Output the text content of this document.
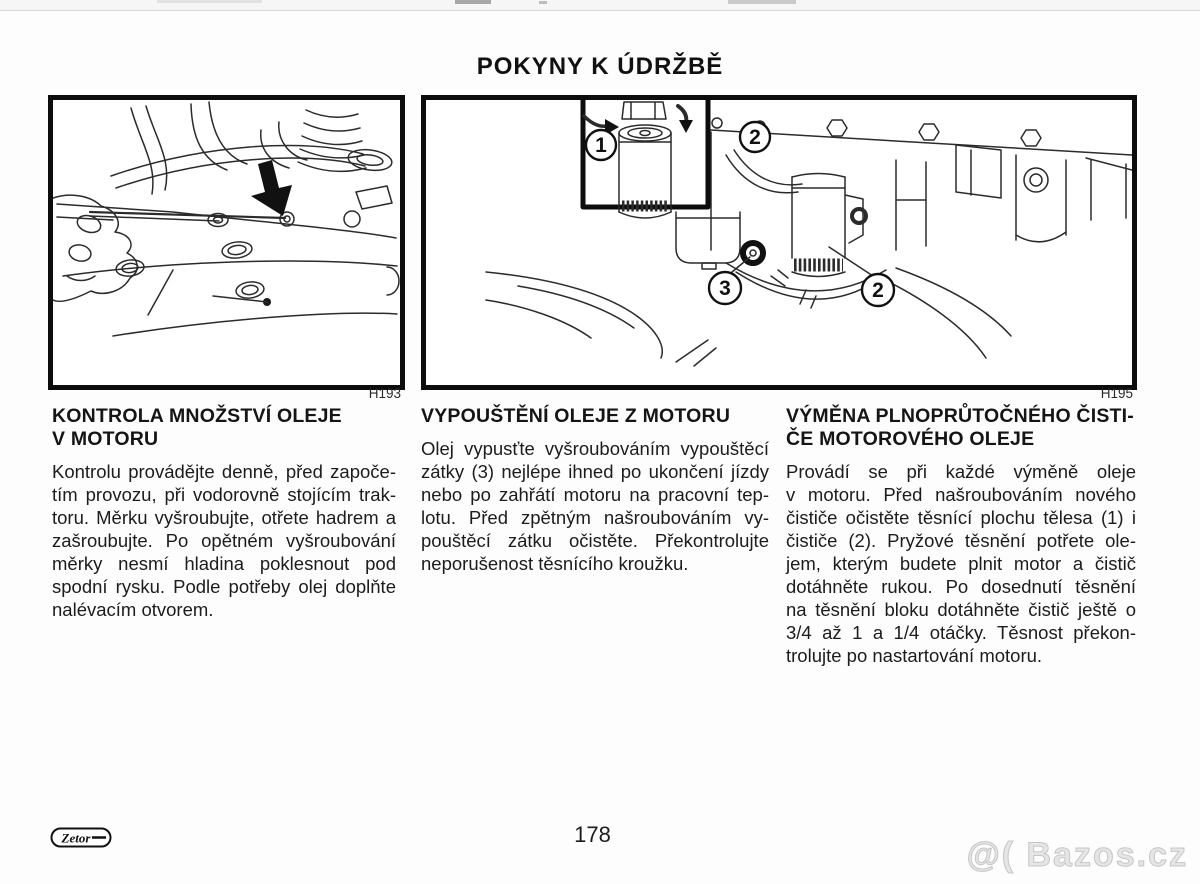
POKYNY K ÚDRŽBĚ
H193
1	2
3	2
H195
KONTROLA MNOŽSTVÍ OLEJE
V MOTORU
Kontrolu provádějte denně, před započe-
tím provozu, při vodorovně stojícím trak-
toru. Měrku vyšroubujte, otřete hadrem a
zašroubujte. Po opětném vyšroubování
měrky nesmí hladina poklesnout pod
spodní rysku. Podle potřeby olej doplňte
nalévacím otvorem.
VYPOUŠTĚNÍ OLEJE Z MOTORU
Olej vypusťte vyšroubováním vypouštěcí
zátky (3) nejlépe ihned po ukončení jízdy
nebo po zahřátí motoru na pracovní tep-
lotu. Před zpětným našroubováním vy-
pouštěcí zátku očistěte. Překontrolujte
neporušenost těsnícího kroužku.
VÝMĚNA PLNOPRŮTOČNÉHO ČISTI-
ČE MOTOROVÉHO OLEJE
Provádí se při každé výměně oleje
v motoru. Před našroubováním nového
čističe očistěte těsnící plochu tělesa (1) i
čističe (2). Pryžové těsnění potřete ole-
jem, kterým budete plnit motor a čistič
dotáhněte rukou. Po dosednutí těsnění
na těsnění bloku dotáhněte čistič ještě o
3/4 až 1 a 1/4 otáčky. Těsnost překon-
trolujte po nastartování motoru.
Zetor	178
@( Bazos.cz
